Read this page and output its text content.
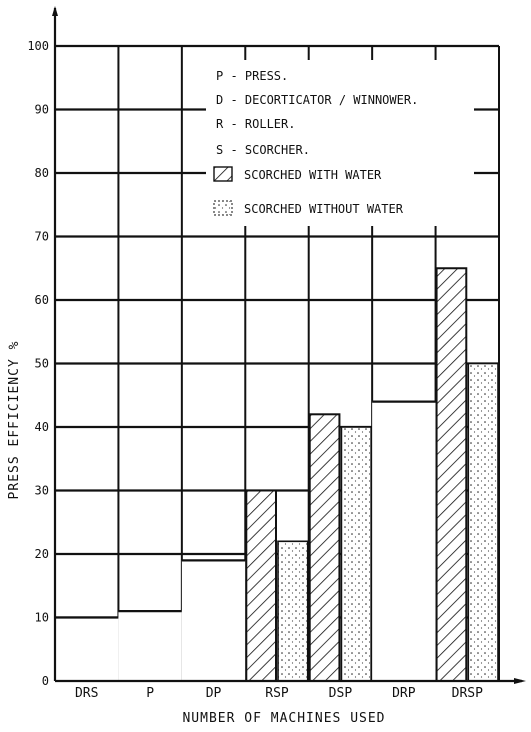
0
10
20
30
40
50
60
70
80
90
100
DRS	P	DP	RSP	DSP	DRP	DRSP
P - PRESS.
D - DECORTICATOR / WINNOWER.
R - ROLLER.
S - SCORCHER.
SCORCHED WITH WATER
SCORCHED WITHOUT WATER
NUMBER OF MACHINES USED
PRESS EFFICIENCY %
